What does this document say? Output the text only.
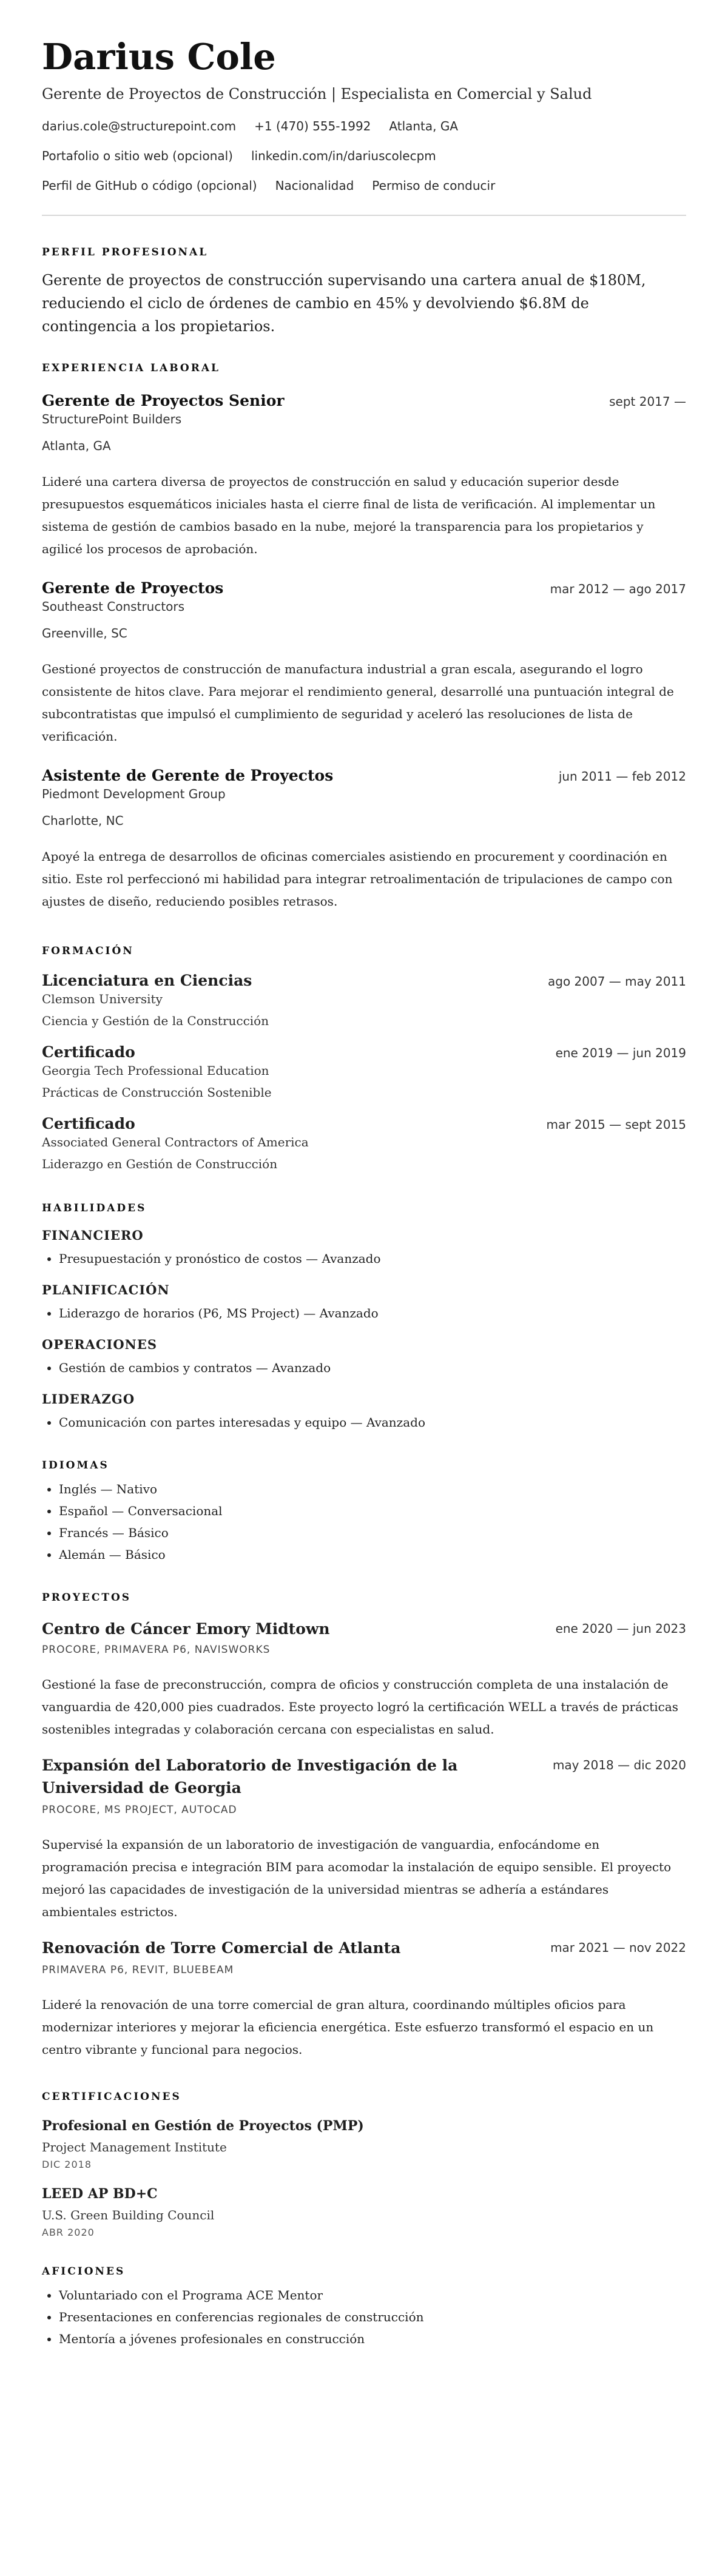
Darius Cole
Gerente de Proyectos de Construcción | Especialista en Comercial y Salud
darius.cole@structurepoint.com +1 (470) 555-1992 Atlanta, GA
Portafolio o sitio web (opcional) linkedin.com/in/dariuscolecpm
Perfil de GitHub o código (opcional) Nacionalidad Permiso de conducir
PERFIL PROFESIONAL
Gerente de proyectos de construcción supervisando una cartera anual de $180M, reduciendo el ciclo de órdenes de cambio en 45% y devolviendo $6.8M de contingencia a los propietarios.
EXPERIENCIA LABORAL
Gerente de Proyectos Senior	sept 2017 —
StructurePoint Builders
Atlanta, GA
Lideré una cartera diversa de proyectos de construcción en salud y educación superior desde presupuestos esquemáticos iniciales hasta el cierre final de lista de verificación. Al implementar un sistema de gestión de cambios basado en la nube, mejoré la transparencia para los propietarios y agilicé los procesos de aprobación.
Gerente de Proyectos	mar 2012 — ago 2017
Southeast Constructors
Greenville, SC
Gestioné proyectos de construcción de manufactura industrial a gran escala, asegurando el logro consistente de hitos clave. Para mejorar el rendimiento general, desarrollé una puntuación integral de subcontratistas que impulsó el cumplimiento de seguridad y aceleró las resoluciones de lista de verificación.
Asistente de Gerente de Proyectos	jun 2011 — feb 2012
Piedmont Development Group
Charlotte, NC
Apoyé la entrega de desarrollos de oficinas comerciales asistiendo en procurement y coordinación en sitio. Este rol perfeccionó mi habilidad para integrar retroalimentación de tripulaciones de campo con ajustes de diseño, reduciendo posibles retrasos.
FORMACIÓN
Licenciatura en Ciencias	ago 2007 — may 2011
Clemson University
Ciencia y Gestión de la Construcción
Certificado	ene 2019 — jun 2019
Georgia Tech Professional Education
Prácticas de Construcción Sostenible
Certificado	mar 2015 — sept 2015
Associated General Contractors of America
Liderazgo en Gestión de Construcción
HABILIDADES
FINANCIERO
• Presupuestación y pronóstico de costos — Avanzado
PLANIFICACIÓN
• Liderazgo de horarios (P6, MS Project) — Avanzado
OPERACIONES
• Gestión de cambios y contratos — Avanzado
LIDERAZGO
• Comunicación con partes interesadas y equipo — Avanzado
IDIOMAS
• Inglés — Nativo
• Español — Conversacional
• Francés — Básico
• Alemán — Básico
PROYECTOS
Centro de Cáncer Emory Midtown	ene 2020 — jun 2023
PROCORE, PRIMAVERA P6, NAVISWORKS
Gestioné la fase de preconstrucción, compra de oficios y construcción completa de una instalación de vanguardia de 420,000 pies cuadrados. Este proyecto logró la certificación WELL a través de prácticas sostenibles integradas y colaboración cercana con especialistas en salud.
Expansión del Laboratorio de Investigación de la Universidad de Georgia
may 2018 — dic 2020
PROCORE, MS PROJECT, AUTOCAD
Supervisé la expansión de un laboratorio de investigación de vanguardia, enfocándome en programación precisa e integración BIM para acomodar la instalación de equipo sensible. El proyecto mejoró las capacidades de investigación de la universidad mientras se adhería a estándares ambientales estrictos.
Renovación de Torre Comercial de Atlanta	mar 2021 — nov 2022
PRIMAVERA P6, REVIT, BLUEBEAM
Lideré la renovación de una torre comercial de gran altura, coordinando múltiples oficios para modernizar interiores y mejorar la eficiencia energética. Este esfuerzo transformó el espacio en un centro vibrante y funcional para negocios.
CERTIFICACIONES
Profesional en Gestión de Proyectos (PMP)
Project Management Institute
DIC 2018
LEED AP BD+C
U.S. Green Building Council
ABR 2020
AFICIONES
• Voluntariado con el Programa ACE Mentor
• Presentaciones en conferencias regionales de construcción
• Mentoría a jóvenes profesionales en construcción
